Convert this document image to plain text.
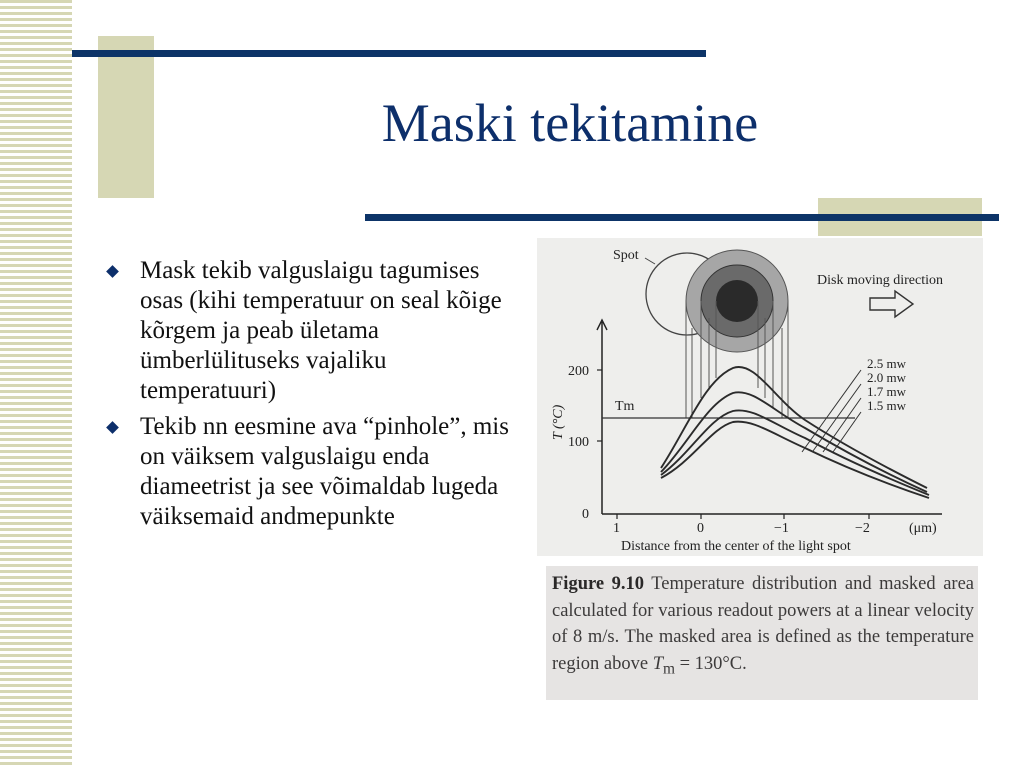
Maski tekitamine
Mask tekib valguslaigu tagumises osas (kihi temperatuur on seal kõige kõrgem ja peab ületama ümberlülituseks vajaliku temperatuuri)
Tekib nn eesmine ava “pinhole”, mis on väiksem valguslaigu enda diameetrist ja see võimaldab lugeda väiksemaid andmepunkte
Spot
Disk moving direction
200
100
0
1	0	−1	−2	(μm)
Distance from the center of the light spot
T (°C)	Tm
2.5 mw
2.0 mw
1.7 mw
1.5 mw
Figure 9.10 Temperature distribution and masked area calculated for various readout powers at a linear velocity of 8 m/s. The masked area is defined as the temperature region above $T_m = 130^\circ C$.
